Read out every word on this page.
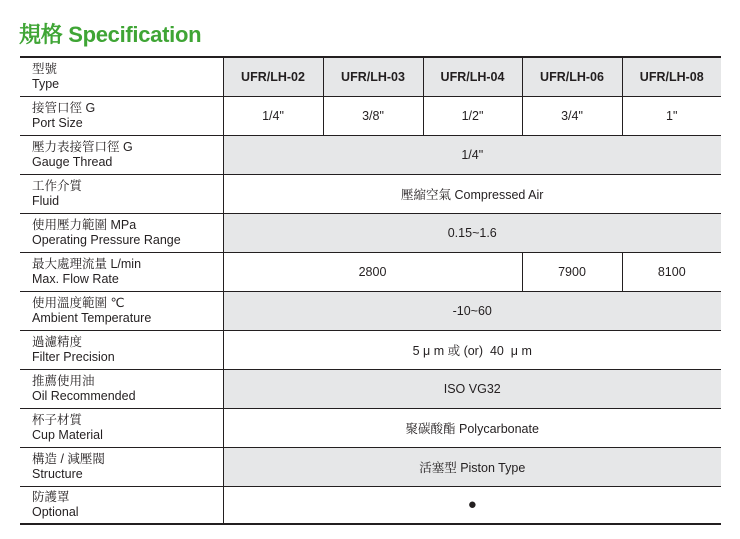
規格 Specification
型號
Type	UFR/LH-02	UFR/LH-03	UFR/LH-04	UFR/LH-06	UFR/LH-08

接管口徑 G
Port Size	1/4"	3/8"	1/2"	3/4"	1"

壓力表接管口徑 G
Gauge Thread	1/4"				

工作介質
Fluid	壓縮空氣 Compressed Air				

使用壓力範圍 MPa
Operating Pressure Range	0.15~1.6				

最大處理流量 L/min
Max. Flow Rate	2800			7900	8100

使用溫度範圍 ℃
Ambient Temperature	-10~60				

過濾精度
Filter Precision	5 μ m 或 (or)  40  μ m				

推薦使用油
Oil Recommended	ISO VG32				

杯子材質
Cup Material	聚碳酸酯 Polycarbonate				

構造 / 減壓閥
Structure	活塞型 Piston Type				

防護罩
Optional	●				
